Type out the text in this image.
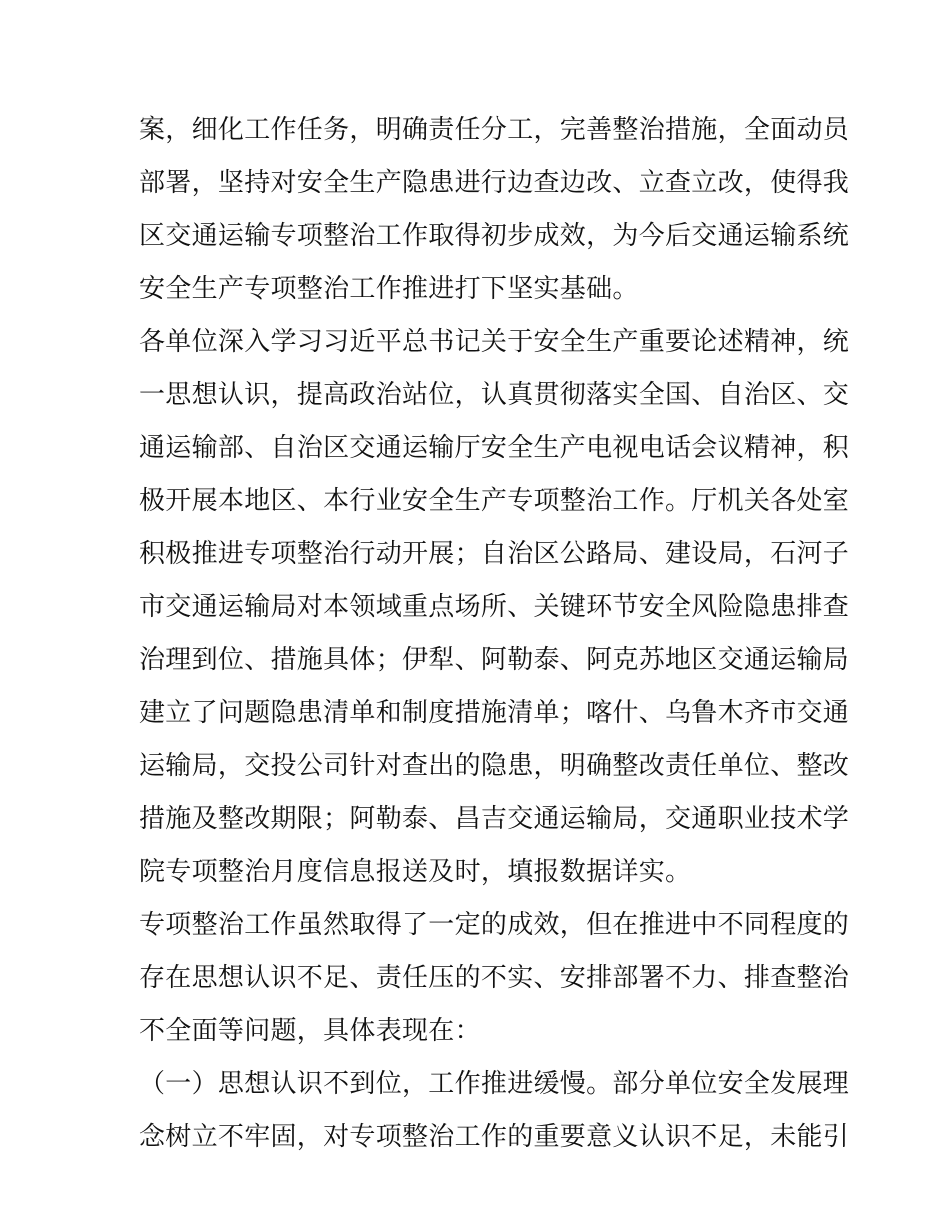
案，细化工作任务，明确责任分工，完善整治措施，全面动员
部署，坚持对安全生产隐患进行边查边改、立查立改，使得我
区交通运输专项整治工作取得初步成效，为今后交通运输系统
安全生产专项整治工作推进打下坚实基础。
各单位深入学习习近平总书记关于安全生产重要论述精神，统
一思想认识，提高政治站位，认真贯彻落实全国、自治区、交
通运输部、自治区交通运输厅安全生产电视电话会议精神，积
极开展本地区、本行业安全生产专项整治工作。厅机关各处室
积极推进专项整治行动开展；自治区公路局、建设局，石河子
市交通运输局对本领域重点场所、关键环节安全风险隐患排查
治理到位、措施具体；伊犁、阿勒泰、阿克苏地区交通运输局
建立了问题隐患清单和制度措施清单；喀什、乌鲁木齐市交通
运输局，交投公司针对查出的隐患，明确整改责任单位、整改
措施及整改期限；阿勒泰、昌吉交通运输局，交通职业技术学
院专项整治月度信息报送及时，填报数据详实。
专项整治工作虽然取得了一定的成效，但在推进中不同程度的
存在思想认识不足、责任压的不实、安排部署不力、排查整治
不全面等问题，具体表现在：
（一）思想认识不到位，工作推进缓慢。部分单位安全发展理
念树立不牢固，对专项整治工作的重要意义认识不足，未能引
